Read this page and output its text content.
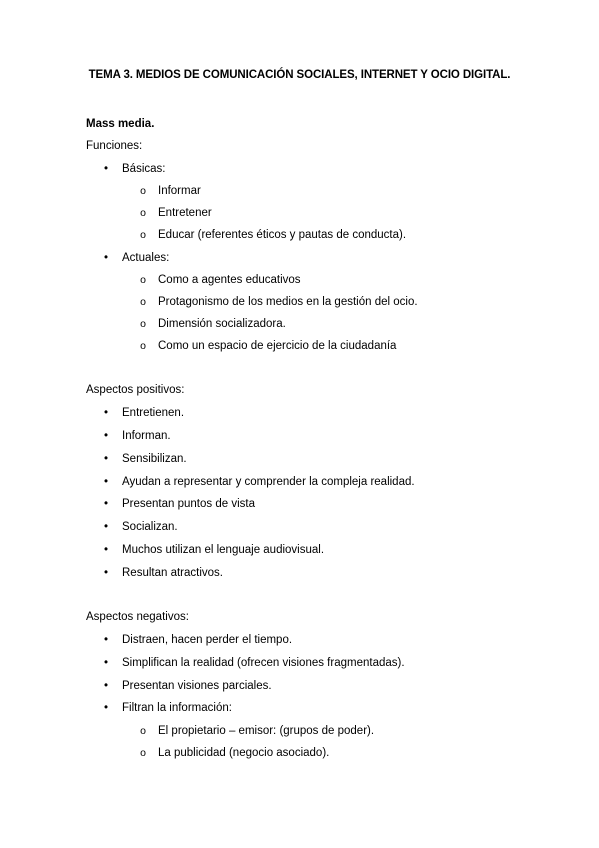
TEMA 3. MEDIOS DE COMUNICACIÓN SOCIALES, INTERNET Y OCIO DIGITAL.
Mass media.
Funciones:
• Básicas:
o Informar
o Entretener
o Educar (referentes éticos y pautas de conducta).
• Actuales:
o Como a agentes educativos
o Protagonismo de los medios en la gestión del ocio.
o Dimensión socializadora.
o Como un espacio de ejercicio de la ciudadanía
Aspectos positivos:
• Entretienen.
• Informan.
• Sensibilizan.
• Ayudan a representar y comprender la compleja realidad.
• Presentan puntos de vista
• Socializan.
• Muchos utilizan el lenguaje audiovisual.
• Resultan atractivos.
Aspectos negativos:
• Distraen, hacen perder el tiempo.
• Simplifican la realidad (ofrecen visiones fragmentadas).
• Presentan visiones parciales.
• Filtran la información:
o El propietario – emisor: (grupos de poder).
o La publicidad (negocio asociado).
